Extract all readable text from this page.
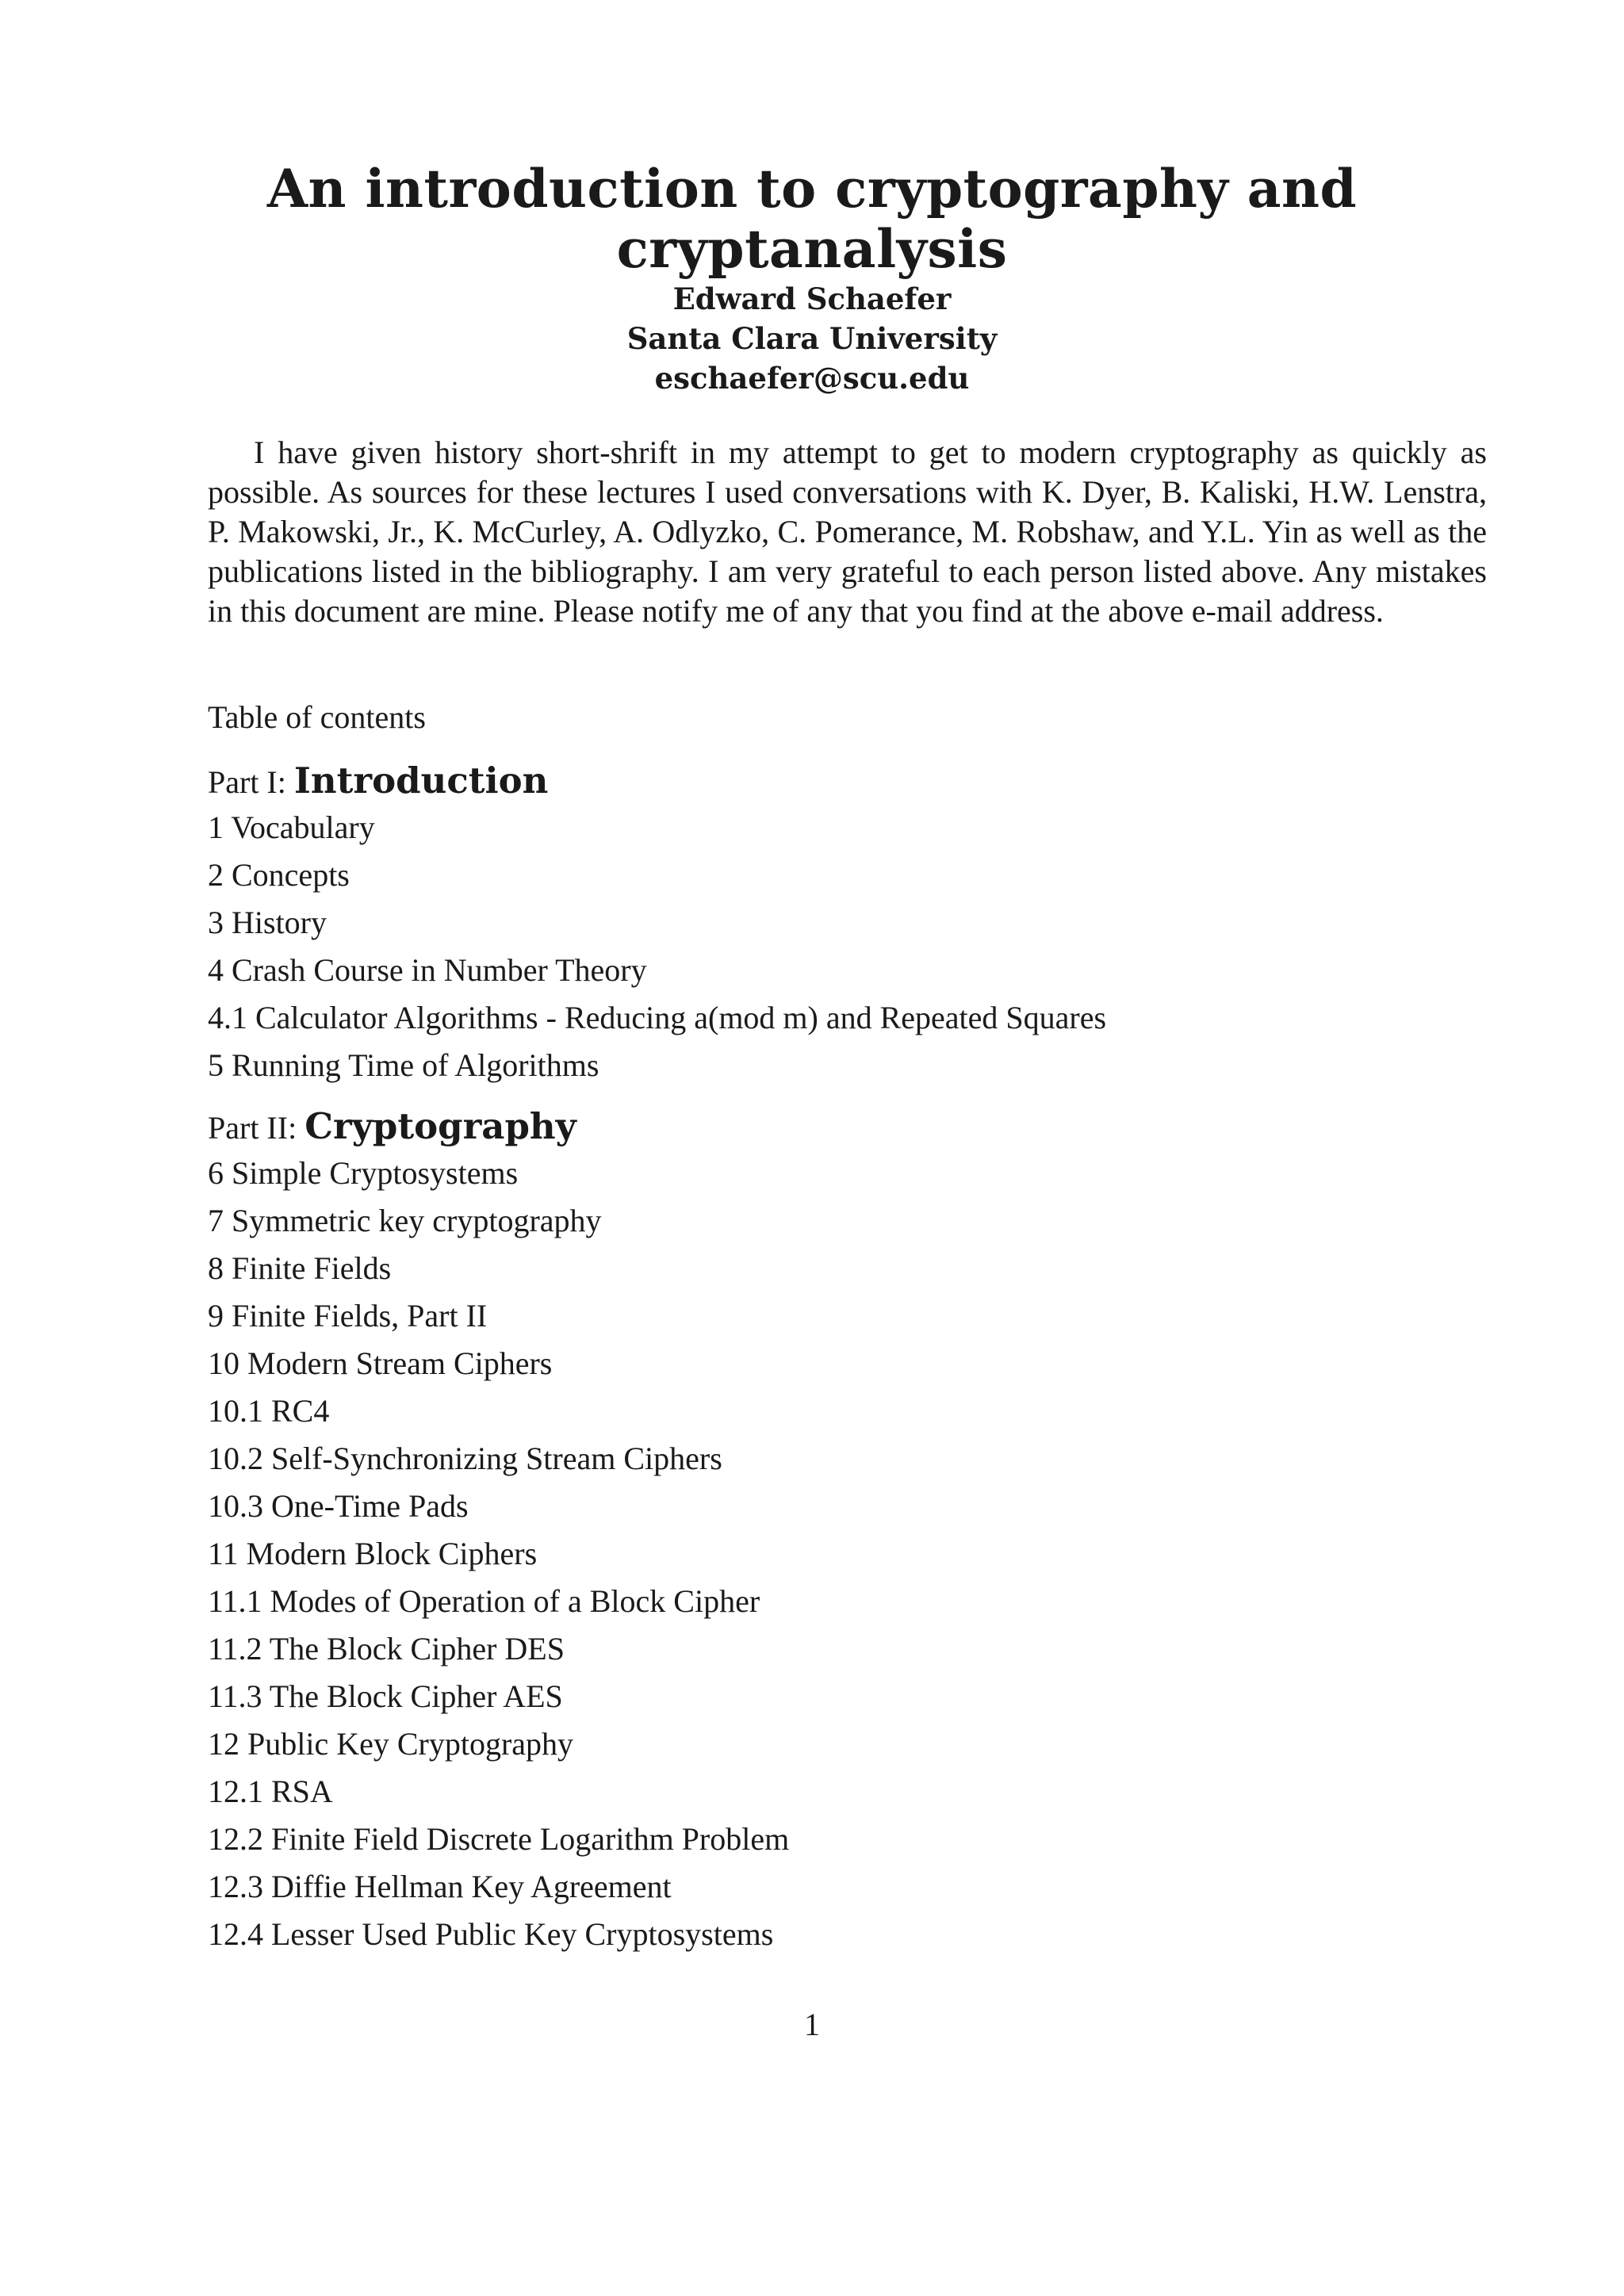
An introduction to cryptography and cryptanalysis

Edward Schaefer

Santa Clara University

eschaefer@scu.edu

I have given history short-shrift in my attempt to get to modern cryptography as quickly as possible. As sources for these lectures I used conversations with K. Dyer, B. Kaliski, H.W. Lenstra, P. Makowski, Jr., K. McCurley, A. Odlyzko, C. Pomerance, M. Robshaw, and Y.L. Yin as well as the publications listed in the bibliography. I am very grateful to each person listed above. Any mistakes in this document are mine. Please notify me of any that you find at the above e-mail address.

Table of contents

Part I: Introduction

1 Vocabulary

2 Concepts

3 History

4 Crash Course in Number Theory

4.1 Calculator Algorithms - Reducing a(mod m) and Repeated Squares

5 Running Time of Algorithms

Part II: Cryptography

6 Simple Cryptosystems

7 Symmetric key cryptography

8 Finite Fields

9 Finite Fields, Part II

10 Modern Stream Ciphers

10.1 RC4

10.2 Self-Synchronizing Stream Ciphers

10.3 One-Time Pads

11 Modern Block Ciphers

11.1 Modes of Operation of a Block Cipher

11.2 The Block Cipher DES

11.3 The Block Cipher AES

12 Public Key Cryptography

12.1 RSA

12.2 Finite Field Discrete Logarithm Problem

12.3 Diffie Hellman Key Agreement

12.4 Lesser Used Public Key Cryptosystems

1
